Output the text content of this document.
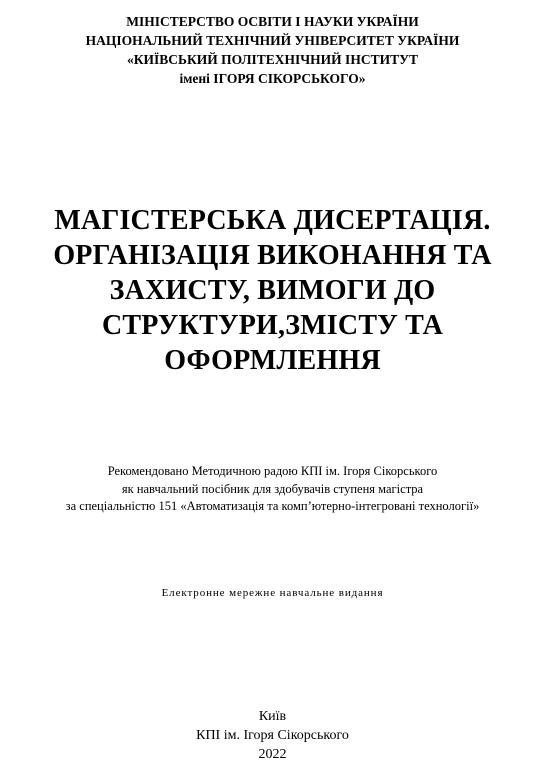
МІНІСТЕРСТВО ОСВІТИ І НАУКИ УКРАЇНИ
НАЦІОНАЛЬНИЙ ТЕХНІЧНИЙ УНІВЕРСИТЕТ УКРАЇНИ
«КИЇВСЬКИЙ ПОЛІТЕХНІЧНИЙ ІНСТИТУТ
імені ІГОРЯ СІКОРСЬКОГО»
МАГІСТЕРСЬКА ДИСЕРТАЦІЯ.
ОРГАНІЗАЦІЯ ВИКОНАННЯ ТА
ЗАХИСТУ, ВИМОГИ ДО
СТРУКТУРИ,ЗМІСТУ ТА
ОФОРМЛЕННЯ
Рекомендовано Методичною радою КПІ ім. Ігоря Сікорського
як навчальний посібник для здобувачів ступеня магістра
за спеціальністю 151 «Автоматизація та комп’ютерно-інтегровані технології»
Електронне мережне навчальне видання
Київ
КПІ ім. Ігоря Сікорського
2022
